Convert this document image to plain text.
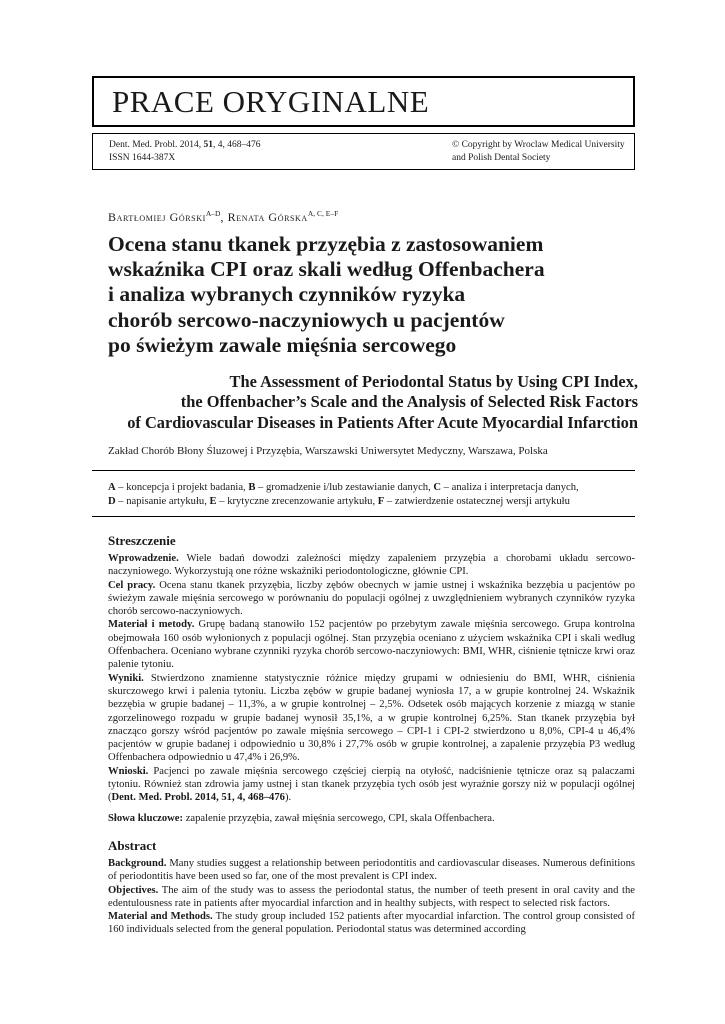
PRACE ORYGINALNE
Dent. Med. Probl. 2014, 51, 4, 468–476
ISSN 1644-387X
© Copyright by Wroclaw Medical University
and Polish Dental Society
Bartłomiej Górski$^{A-D}$, Renata Górska$^{A, C, E-F}$
Ocena stanu tkanek przyzębia z zastosowaniem
wskaźnika CPI oraz skali według Offenbachera
i analiza wybranych czynników ryzyka
chorób sercowo-naczyniowych u pacjentów
po świeżym zawale mięśnia sercowego
The Assessment of Periodontal Status by Using CPI Index,
the Offenbacher’s Scale and the Analysis of Selected Risk Factors
of Cardiovascular Diseases in Patients After Acute Myocardial Infarction
Zakład Chorób Błony Śluzowej i Przyzębia, Warszawski Uniwersytet Medyczny, Warszawa, Polska
A – koncepcja i projekt badania, B – gromadzenie i/lub zestawianie danych, C – analiza i interpretacja danych,
D – napisanie artykułu, E – krytyczne zrecenzowanie artykułu, F – zatwierdzenie ostatecznej wersji artykułu
Streszczenie

Wprowadzenie. Wiele badań dowodzi zależności między zapaleniem przyzębia a chorobami układu sercowo-naczyniowego. Wykorzystują one różne wskaźniki periodontologiczne, głównie CPI.

Cel pracy. Ocena stanu tkanek przyzębia, liczby zębów obecnych w jamie ustnej i wskaźnika bezzębia u pacjentów po świeżym zawale mięśnia sercowego w porównaniu do populacji ogólnej z uwzględnieniem wybranych czynników ryzyka chorób sercowo-naczyniowych.

Materiał i metody. Grupę badaną stanowiło 152 pacjentów po przebytym zawale mięśnia sercowego. Grupa kontrolna obejmowała 160 osób wyłonionych z populacji ogólnej. Stan przyzębia oceniano z użyciem wskaźnika CPI i skali według Offenbachera. Oceniano wybrane czynniki ryzyka chorób sercowo-naczyniowych: BMI, WHR, ciśnienie tętnicze krwi oraz palenie tytoniu.

Wyniki. Stwierdzono znamienne statystycznie różnice między grupami w odniesieniu do BMI, WHR, ciśnienia skurczowego krwi i palenia tytoniu. Liczba zębów w grupie badanej wyniosła 17, a w grupie kontrolnej 24. Wskaźnik bezzębia w grupie badanej – 11,3%, a w grupie kontrolnej – 2,5%. Odsetek osób mających korzenie z miazgą w stanie zgorzelinowego rozpadu w grupie badanej wynosił 35,1%, a w grupie kontrolnej 6,25%. Stan tkanek przyzębia był znacząco gorszy wśród pacjentów po zawale mięśnia sercowego – CPI-1 i CPI-2 stwierdzono u 8,0%, CPI-4 u 46,4% pacjentów w grupie badanej i odpowiednio u 30,8% i 27,7% osób w grupie kontrolnej, a zapalenie przyzębia P3 według Offenbachera odpowiednio u 47,4% i 26,9%.

Wnioski. Pacjenci po zawale mięśnia sercowego częściej cierpią na otyłość, nadciśnienie tętnicze oraz są palaczami tytoniu. Również stan zdrowia jamy ustnej i stan tkanek przyzębia tych osób jest wyraźnie gorszy niż w populacji ogólnej (Dent. Med. Probl. 2014, 51, 4, 468–476).

Słowa kluczowe: zapalenie przyzębia, zawał mięśnia sercowego, CPI, skala Offenbachera.

Abstract

Background. Many studies suggest a relationship between periodontitis and cardiovascular diseases. Numerous definitions of periodontitis have been used so far, one of the most prevalent is CPI index.

Objectives. The aim of the study was to assess the periodontal status, the number of teeth present in oral cavity and the edentulousness rate in patients after myocardial infarction and in healthy subjects, with respect to selected risk factors.

Material and Methods. The study group included 152 patients after myocardial infarction. The control group consisted of 160 individuals selected from the general population. Periodontal status was determined according
